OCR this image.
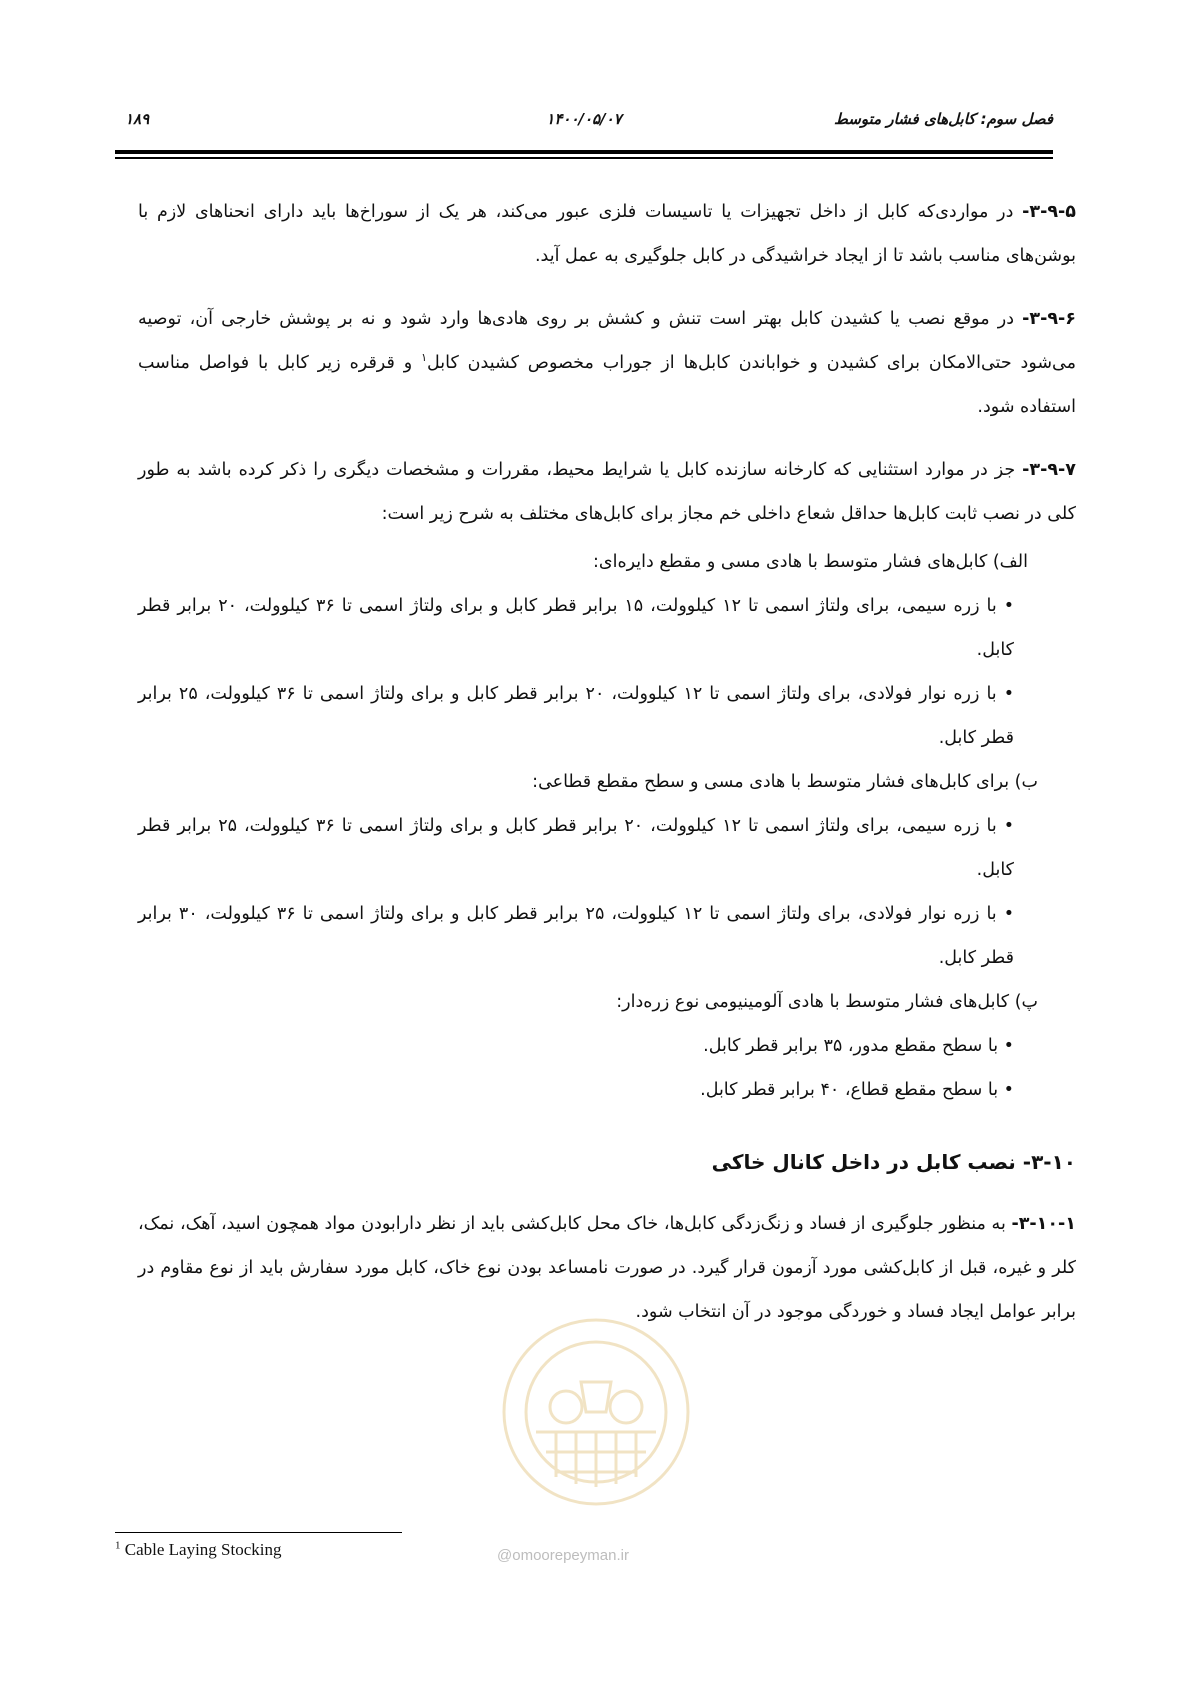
فصل سوم: کابل‌های فشار متوسط
۱۴۰۰/۰۵/۰۷
۱۸۹

۳-۹-۵- در مواردی‌که کابل از داخل تجهیزات یا تاسیسات فلزی عبور می‌کند، هر یک از سوراخ‌ها باید دارای انحناهای لازم با بوشن‌های مناسب باشد تا از ایجاد خراشیدگی در کابل جلوگیری به عمل آید.

۳-۹-۶- در موقع نصب یا کشیدن کابل بهتر است تنش و کشش بر روی هادی‌ها وارد شود و نه بر پوشش خارجی آن، توصیه می‌شود حتی‌الامکان برای کشیدن و خواباندن کابل‌ها از جوراب مخصوص کشیدن کابل$^۱$ و قرقره زیر کابل با فواصل مناسب استفاده شود.

۳-۹-۷- جز در موارد استثنایی که کارخانه سازنده کابل یا شرایط محیط، مقررات و مشخصات دیگری را ذکر کرده باشد به طور کلی در نصب ثابت کابل‌ها حداقل شعاع داخلی خم مجاز برای کابل‌های مختلف به شرح زیر است:

الف) کابل‌های فشار متوسط با هادی مسی و مقطع دایره‌ای:

• با زره سیمی، برای ولتاژ اسمی تا ۱۲ کیلوولت، ۱۵ برابر قطر کابل و برای ولتاژ اسمی تا ۳۶ کیلوولت، ۲۰ برابر قطر کابل.

• با زره نوار فولادی، برای ولتاژ اسمی تا ۱۲ کیلوولت، ۲۰ برابر قطر کابل و برای ولتاژ اسمی تا ۳۶ کیلوولت، ۲۵ برابر قطر کابل.

ب) برای کابل‌های فشار متوسط با هادی مسی و سطح مقطع قطاعی:

• با زره سیمی، برای ولتاژ اسمی تا ۱۲ کیلوولت، ۲۰ برابر قطر کابل و برای ولتاژ اسمی تا ۳۶ کیلوولت، ۲۵ برابر قطر کابل.

• با زره نوار فولادی، برای ولتاژ اسمی تا ۱۲ کیلوولت، ۲۵ برابر قطر کابل و برای ولتاژ اسمی تا ۳۶ کیلوولت، ۳۰ برابر قطر کابل.

پ) کابل‌های فشار متوسط با هادی آلومینیومی نوع زره‌دار:

• با سطح مقطع مدور، ۳۵ برابر قطر کابل.

• با سطح مقطع قطاع، ۴۰ برابر قطر کابل.

۳-۱۰- نصب کابل در داخل کانال خاکی

۳-۱۰-۱- به منظور جلوگیری از فساد و زنگ‌زدگی کابل‌ها، خاک محل کابل‌کشی باید از نظر دارابودن مواد همچون اسید، آهک، نمک، کلر و غیره، قبل از کابل‌کشی مورد آزمون قرار گیرد. در صورت نامساعد بودن نوع خاک، کابل مورد سفارش باید از نوع مقاوم در برابر عوامل ایجاد فساد و خوردگی موجود در آن انتخاب شود.

@omoorepeyman.ir
$^1$ Cable Laying Stocking
